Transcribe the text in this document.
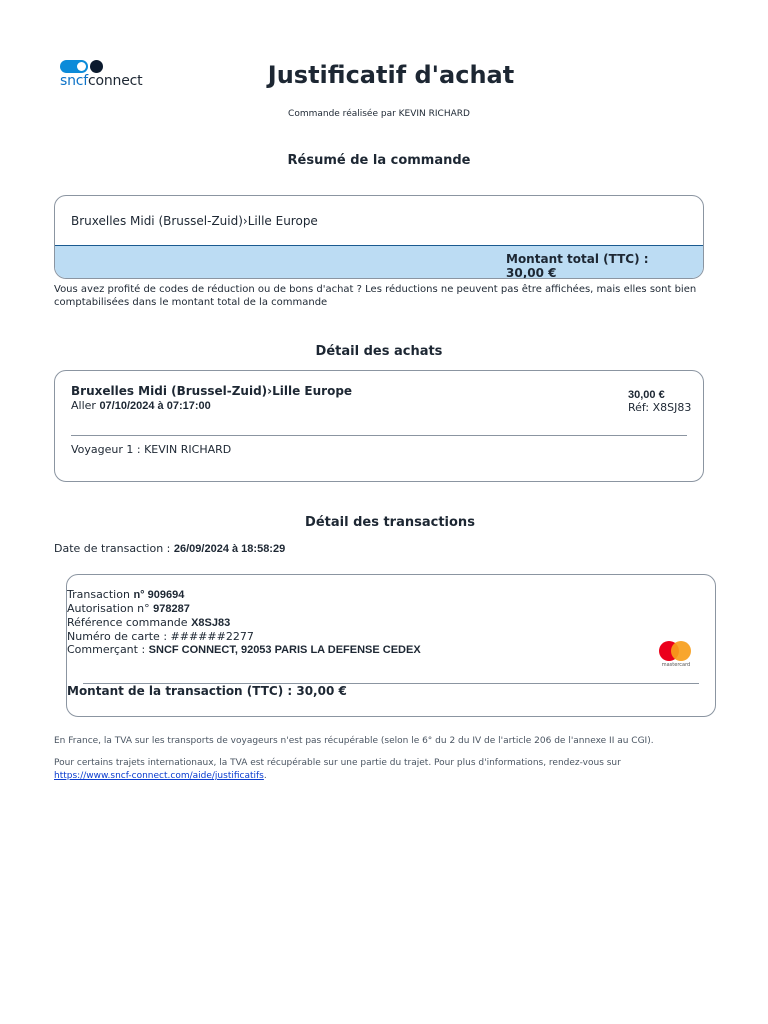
sncfconnect	Justificatif d'achat
Commande réalisée par KEVIN RICHARD
Résumé de la commande
Bruxelles Midi (Brussel-Zuid)›Lille Europe
Montant total (TTC) : 30,00 €
Vous avez profité de codes de réduction ou de bons d'achat ? Les réductions ne peuvent pas être affichées, mais elles sont bien comptabilisées dans le montant total de la commande
Détail des achats
Bruxelles Midi (Brussel-Zuid)›Lille Europe
Aller 07/10/2024 à 07:17:00
30,00 €
Réf: X8SJ83
Voyageur 1 : KEVIN RICHARD
Détail des transactions
Date de transaction : 26/09/2024 à 18:58:29
Transaction n° 909694
Autorisation n° 978287
Référence commande X8SJ83
Numéro de carte : ######2277
Commerçant : SNCF CONNECT, 92053 PARIS LA DEFENSE CEDEX
mastercard
Montant de la transaction (TTC) : 30,00 €
En France, la TVA sur les transports de voyageurs n'est pas récupérable (selon le 6° du 2 du IV de l'article 206 de l'annexe II au CGI).
Pour certains trajets internationaux, la TVA est récupérable sur une partie du trajet. Pour plus d'informations, rendez-vous sur https://www.sncf-connect.com/aide/justificatifs.
